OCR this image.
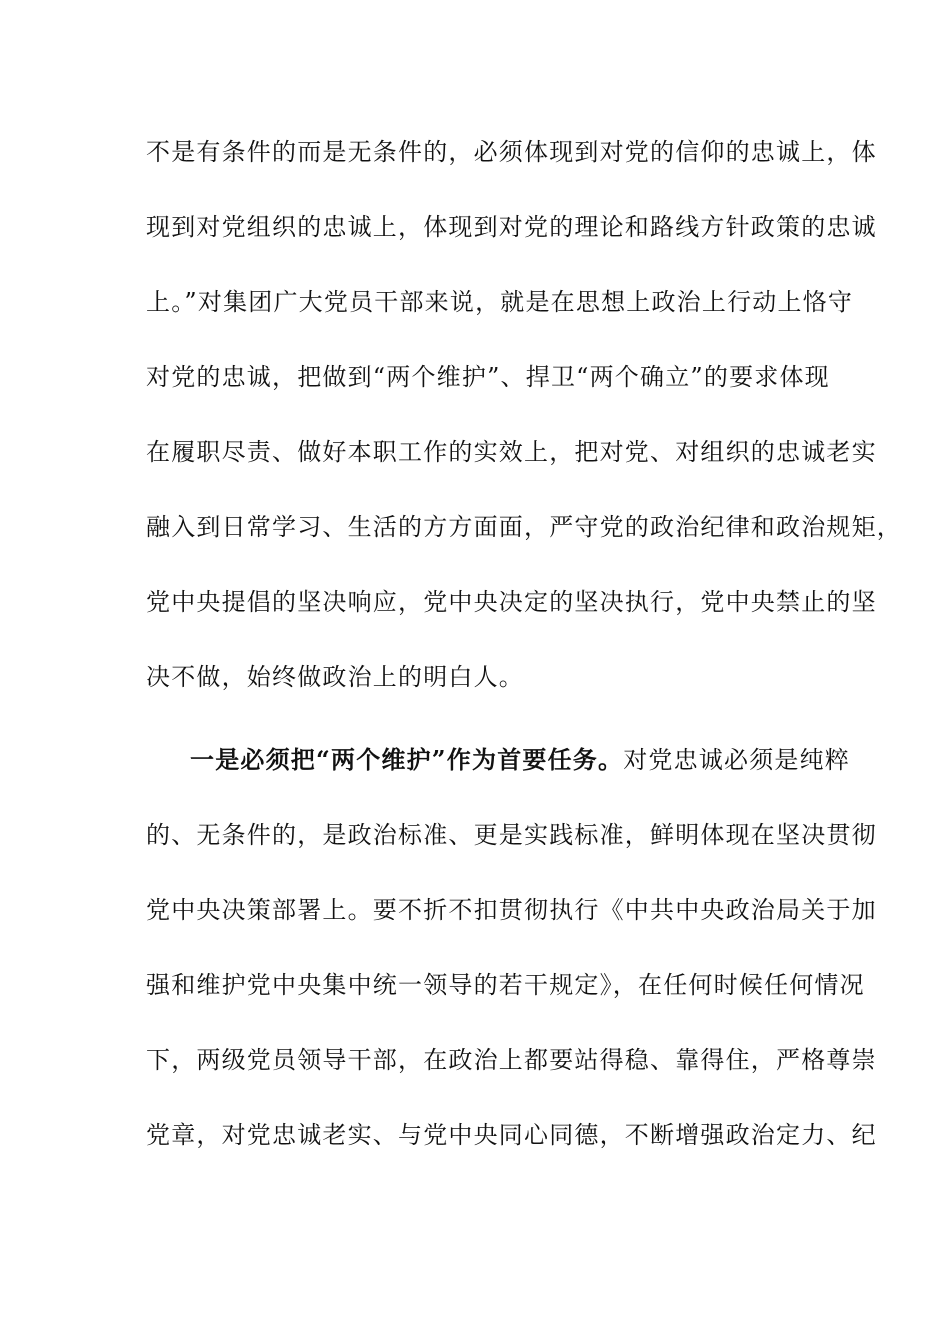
不是有条件的而是无条件的，必须体现到对党的信仰的忠诚上，体
现到对党组织的忠诚上，体现到对党的理论和路线方针政策的忠诚
上。”对集团广大党员干部来说，就是在思想上政治上行动上恪守
对党的忠诚，把做到“两个维护”、捍卫“两个确立”的要求体现
在履职尽责、做好本职工作的实效上，把对党、对组织的忠诚老实
融入到日常学习、生活的方方面面，严守党的政治纪律和政治规矩，
党中央提倡的坚决响应，党中央决定的坚决执行，党中央禁止的坚
决不做，始终做政治上的明白人。
一是必须把“两个维护”作为首要任务。对党忠诚必须是纯粹
的、无条件的，是政治标准、更是实践标准，鲜明体现在坚决贯彻
党中央决策部署上。要不折不扣贯彻执行《中共中央政治局关于加
强和维护党中央集中统一领导的若干规定》，在任何时候任何情况
下，两级党员领导干部，在政治上都要站得稳、靠得住，严格尊崇
党章，对党忠诚老实、与党中央同心同德，不断增强政治定力、纪
